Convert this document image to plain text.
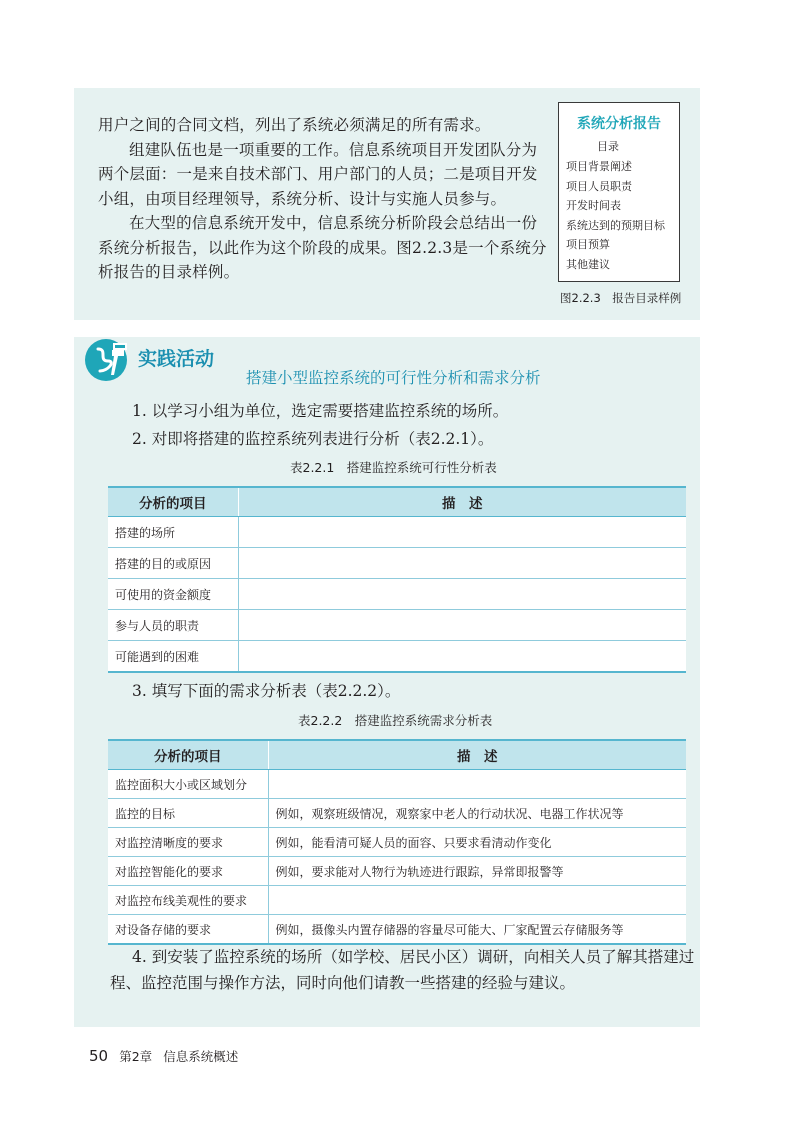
用户之间的合同文档，列出了系统必须满足的所有需求。

组建队伍也是一项重要的工作。信息系统项目开发团队分为两个层面：一是来自技术部门、用户部门的人员；二是项目开发小组，由项目经理领导，系统分析、设计与实施人员参与。

在大型的信息系统开发中，信息系统分析阶段会总结出一份系统分析报告，以此作为这个阶段的成果。图2.2.3是一个系统分析报告的目录样例。

系统分析报告
目录
项目背景阐述
项目人员职责
开发时间表
系统达到的预期目标
项目预算
其他建议
图2.2.3　报告目录样例
实践活动
搭建小型监控系统的可行性分析和需求分析
1. 以学习小组为单位，选定需要搭建监控系统的场所。
2. 对即将搭建的监控系统列表进行分析（表2.2.1）。
表2.2.1　搭建监控系统可行性分析表
分析的项目	描　述
搭建的场所	
搭建的目的或原因	
可使用的资金额度	
参与人员的职责	
可能遇到的困难	
3. 填写下面的需求分析表（表2.2.2）。
表2.2.2　搭建监控系统需求分析表
分析的项目	描　述
监控面积大小或区域划分	
监控的目标	例如，观察班级情况，观察家中老人的行动状况、电器工作状况等
对监控清晰度的要求	例如，能看清可疑人员的面容、只要求看清动作变化
对监控智能化的要求	例如，要求能对人物行为轨迹进行跟踪，异常即报警等
对监控布线美观性的要求	
对设备存储的要求	例如，摄像头内置存储器的容量尽可能大、厂家配置云存储服务等
4. 到安装了监控系统的场所（如学校、居民小区）调研，向相关人员了解其搭建过程、监控范围与操作方法，同时向他们请教一些搭建的经验与建议。
50 第2章 信息系统概述
